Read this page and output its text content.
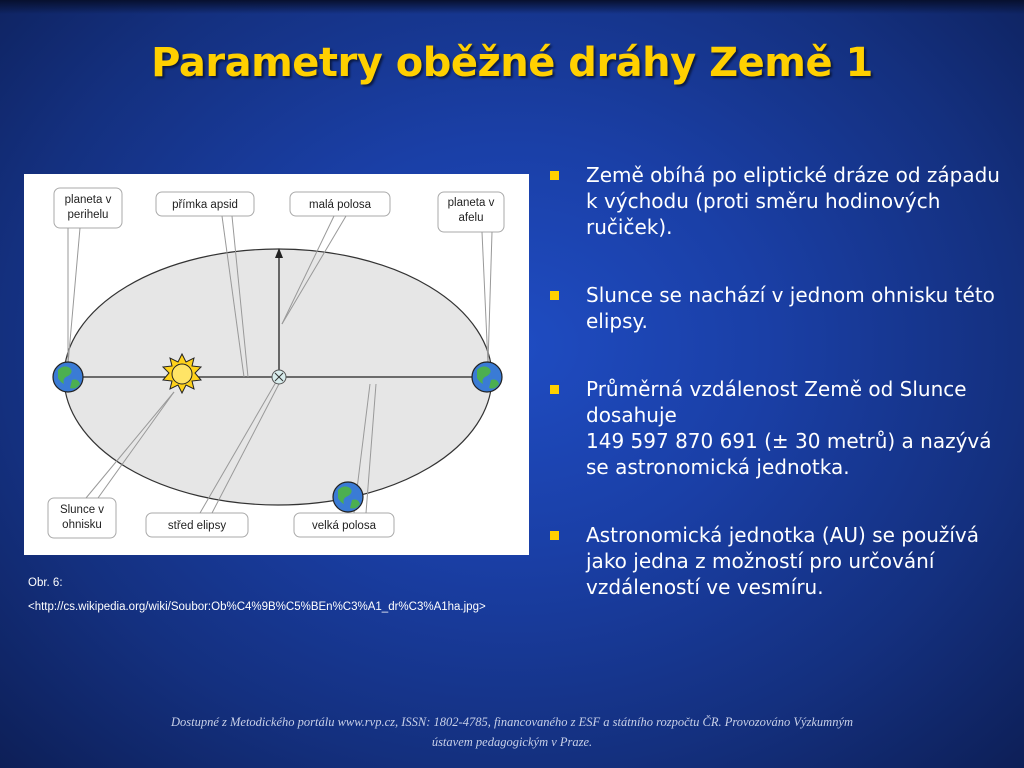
Parametry oběžné dráhy Země 1
planeta v
perihelu
přímka apsid	malá polosa	planeta v
afelu
Slunce v
ohnisku	střed elipsy	velká polosa
Obr. 6:
<http://cs.wikipedia.org/wiki/Soubor:Ob%C4%9B%C5%BEn%C3%A1_dr%C3%A1ha.jpg>
Země obíhá po eliptické dráze od západu k východu (proti směru hodinových ručiček).
Slunce se nachází v jednom ohnisku této elipsy.
Průměrná vzdálenost Země od Slunce dosahuje
149 597 870 691 (± 30 metrů) a nazývá se astronomická jednotka.
Astronomická jednotka (AU) se používá jako jedna z možností pro určování vzdáleností ve vesmíru.
Dostupné z Metodického portálu www.rvp.cz, ISSN: 1802-4785, financovaného z ESF a státního rozpočtu ČR. Provozováno Výzkumným
ústavem pedagogickým v Praze.
